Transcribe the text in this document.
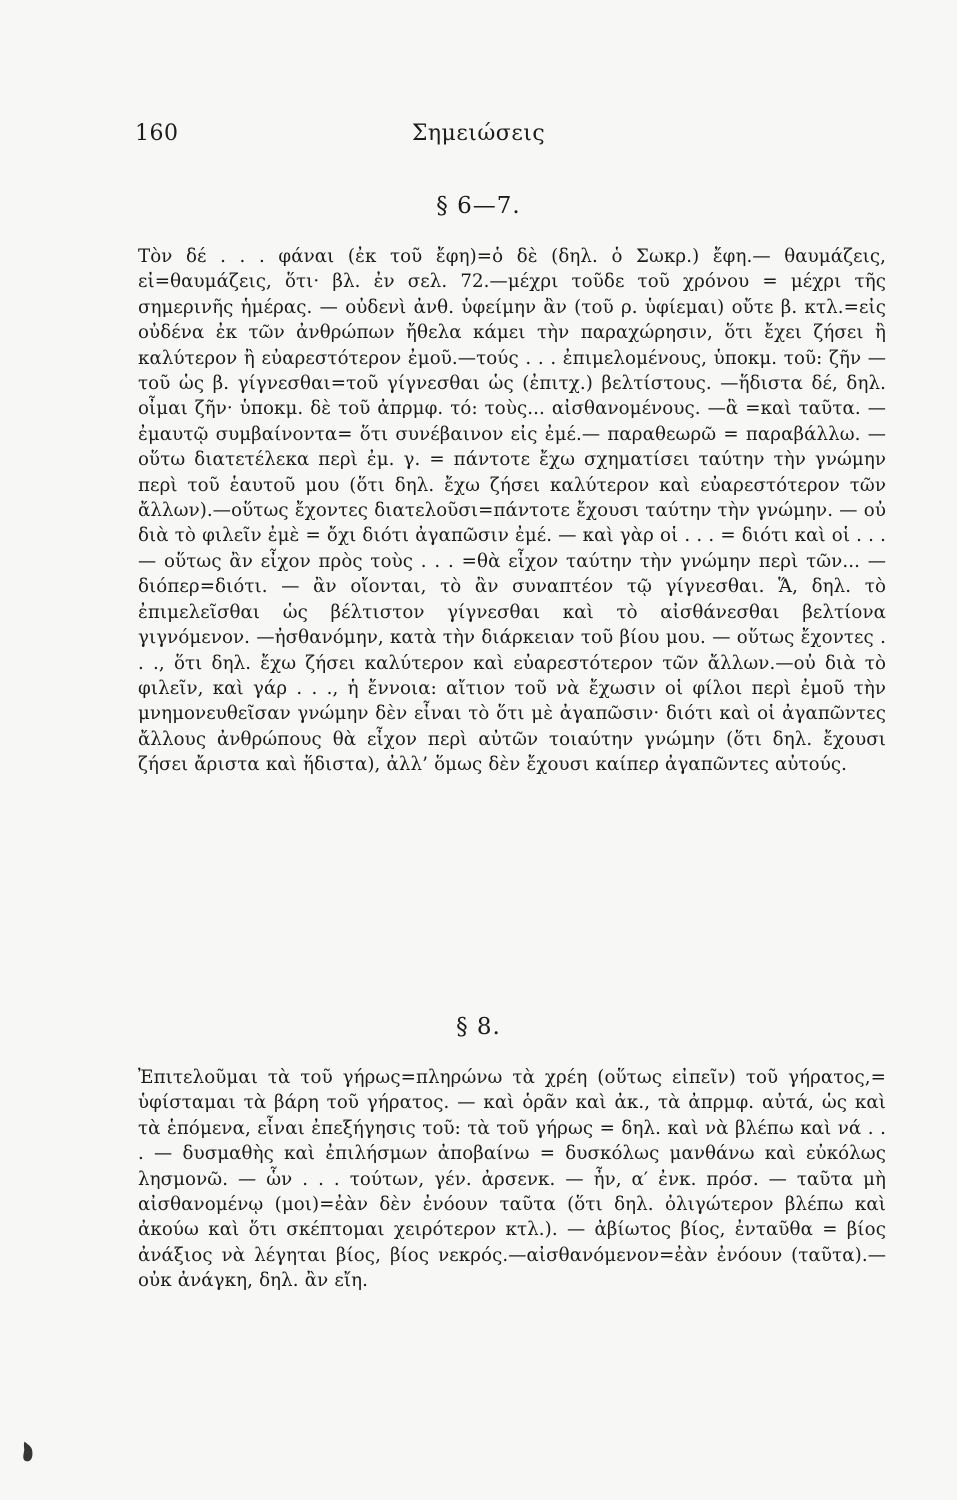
160	Σημειώσεις
§ 6—7.
Τὸν δέ . . . φάναι (ἐκ τοῦ ἔφη)=ὁ δὲ (δηλ. ὁ Σωκρ.) ἔφη.— θαυμάζεις, εἰ=θαυμάζεις, ὅτι· βλ. ἐν σελ. 72.—μέχρι τοῦδε τοῦ χρόνου = μέχρι τῆς σημερινῆς ἡμέρας. — οὐδενὶ ἀνθ. ὑφείμην ἂν (τοῦ ρ. ὑφίεμαι) οὔτε β. κτλ.=εἰς οὐδένα ἐκ τῶν ἀνθρώπων ἤθελα κάμει τὴν παραχώρησιν, ὅτι ἔχει ζήσει ἢ καλύτερον ἢ εὐαρεστότερον ἐμοῦ.—τούς . . . ἐπιμελομένους, ὑποκμ. τοῦ: ζῆν —τοῦ ὡς β. γίγνεσθαι=τοῦ γίγνεσθαι ὡς (ἐπιτχ.) βελτίστους. —ἥδιστα δέ, δηλ. οἶμαι ζῆν· ὑποκμ. δὲ τοῦ ἀπρμφ. τό: τοὺς... αἰσθανομένους. —ἃ =καὶ ταῦτα. — ἐμαυτῷ συμβαίνοντα= ὅτι συνέβαινον εἰς ἐμέ.— παραθεωρῶ = παραβάλλω. — οὕτω διατετέλεκα περὶ ἐμ. γ. = πάντοτε ἔχω σχηματίσει ταύτην τὴν γνώμην περὶ τοῦ ἑαυτοῦ μου (ὅτι δηλ. ἔχω ζήσει καλύτερον καὶ εὐαρεστότερον τῶν ἄλλων).—οὕτως ἔχοντες διατελοῦσι=πάντοτε ἔχουσι ταύτην τὴν γνώμην. — οὐ διὰ τὸ φιλεῖν ἐμὲ = ὄχι διότι ἀγαπῶσιν ἐμέ. — καὶ γὰρ οἱ . . . = διότι καὶ οἱ . . . — οὕτως ἂν εἶχον πρὸς τοὺς . . . =θὰ εἶχον ταύτην τὴν γνώμην περὶ τῶν... — διόπερ=διότι. — ἂν οἴονται, τὸ ἂν συναπτέον τῷ γίγνεσθαι. Ἅ, δηλ. τὸ ἐπιμελεῖσθαι ὡς βέλτιστον γίγνεσθαι καὶ τὸ αἰσθάνεσθαι βελτίονα γιγνόμενον. —ἠσθανόμην, κατὰ τὴν διάρκειαν τοῦ βίου μου. — οὕτως ἔχοντες . . ., ὅτι δηλ. ἔχω ζήσει καλύτερον καὶ εὐαρεστότερον τῶν ἄλλων.—οὐ διὰ τὸ φιλεῖν, καὶ γάρ . . ., ἡ ἔννοια: αἴτιον τοῦ νὰ ἔχωσιν οἱ φίλοι περὶ ἐμοῦ τὴν μνημονευθεῖσαν γνώμην δὲν εἶναι τὸ ὅτι μὲ ἀγαπῶσιν· διότι καὶ οἱ ἀγαπῶντες ἄλλους ἀνθρώπους θὰ εἶχον περὶ αὐτῶν τοιαύτην γνώμην (ὅτι δηλ. ἔχουσι ζήσει ἄριστα καὶ ἥδιστα), ἀλλ’ ὅμως δὲν ἔχουσι καίπερ ἀγαπῶντες αὐτούς.
§ 8.
Ἐπιτελοῦμαι τὰ τοῦ γήρως=πληρώνω τὰ χρέη (οὕτως εἰπεῖν) τοῦ γήρατος,= ὑφίσταμαι τὰ βάρη τοῦ γήρατος. — καὶ ὁρᾶν καὶ ἀκ., τὰ ἀπρμφ. αὐτά, ὡς καὶ τὰ ἑπόμενα, εἶναι ἐπεξήγησις τοῦ: τὰ τοῦ γήρως = δηλ. καὶ νὰ βλέπω καὶ νά . . . — δυσμαθὴς καὶ ἐπιλήσμων ἀποβαίνω = δυσκόλως μανθάνω καὶ εὐκόλως λησμονῶ. — ὧν . . . τούτων, γέν. ἀρσενκ. — ἦν, α′ ἐνκ. πρόσ. — ταῦτα μὴ αἰσθανομένῳ (μοι)=ἐὰν δὲν ἐνόουν ταῦτα (ὅτι δηλ. ὀλιγώτερον βλέπω καὶ ἀκούω καὶ ὅτι σκέπτομαι χειρότερον κτλ.). — ἀβίωτος βίος, ἐνταῦθα = βίος ἀνάξιος νὰ λέγηται βίος, βίος νεκρός.—αἰσθανόμενον=ἐὰν ἐνόουν (ταῦτα).—οὐκ ἀνάγκη, δηλ. ἂν εἴη.
